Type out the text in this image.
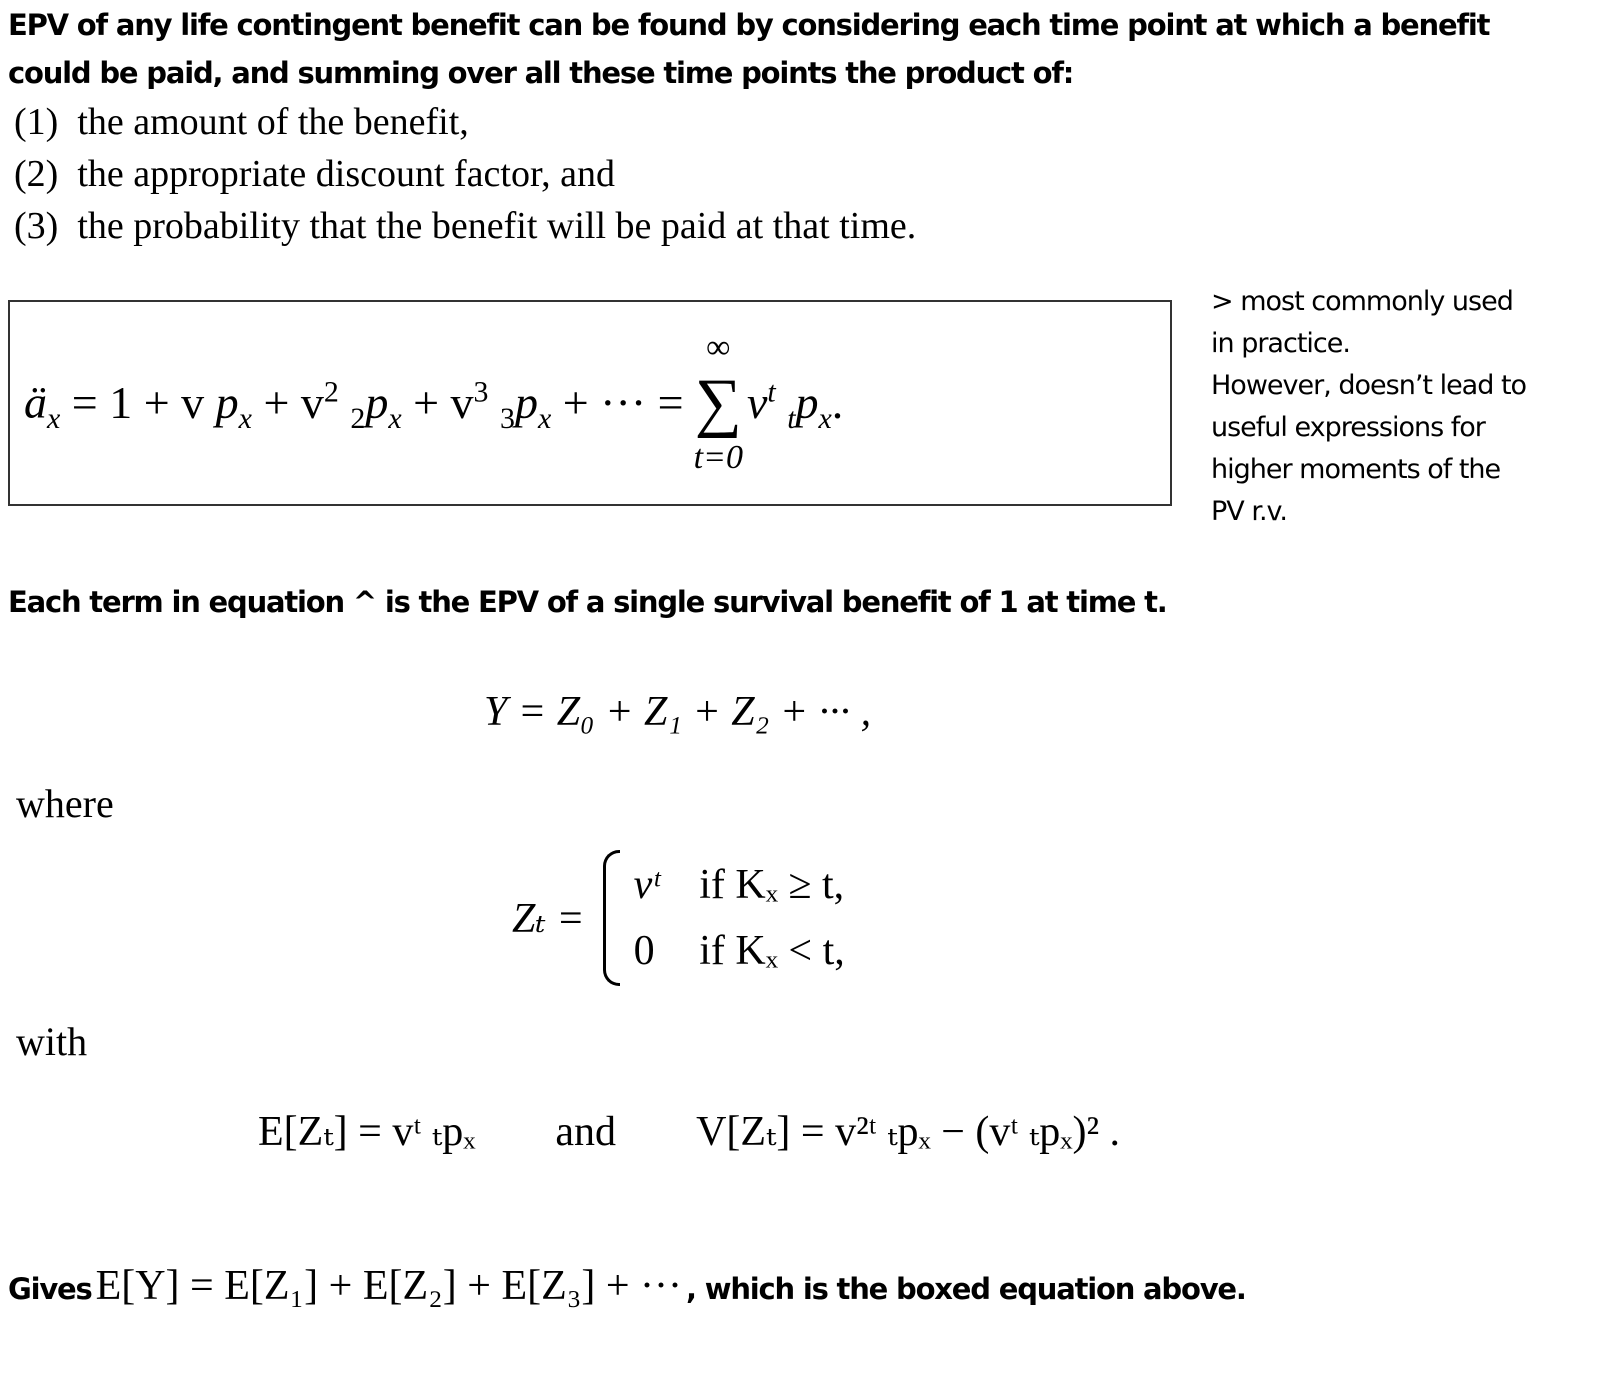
EPV of any life contingent benefit can be found by considering each time point at which a benefit
could be paid, and summing over all these time points the product of:
(1) the amount of the benefit,
(2) the appropriate discount factor, and
(3) the probability that the benefit will be paid at that time.
$ä_x = 1 + v$ $p_x + v^2$ $_2p_x + v^3$ $_3p_x$ + ··· =
∞
∑
t=0
$v^t$ $_tp_x$.
> most commonly used
in practice.
However, doesn’t lead to
useful expressions for
higher moments of the
PV r.v.
Each term in equation ^ is the EPV of a single survival benefit of 1 at time t.
Y = Z₀ + Z₁ + Z₂ + ··· ,
where
Zₜ =
vᵗ if Kₓ ≥ t,
0 if Kₓ < t,
with
E[Zₜ] = vᵗ ₜpₓ and V[Zₜ] = v²ᵗ ₜpₓ − (vᵗ ₜpₓ)² .
Gives E[Y] = E[Z₁] + E[Z₂] + E[Z₃] + ··· , which is the boxed equation above.
